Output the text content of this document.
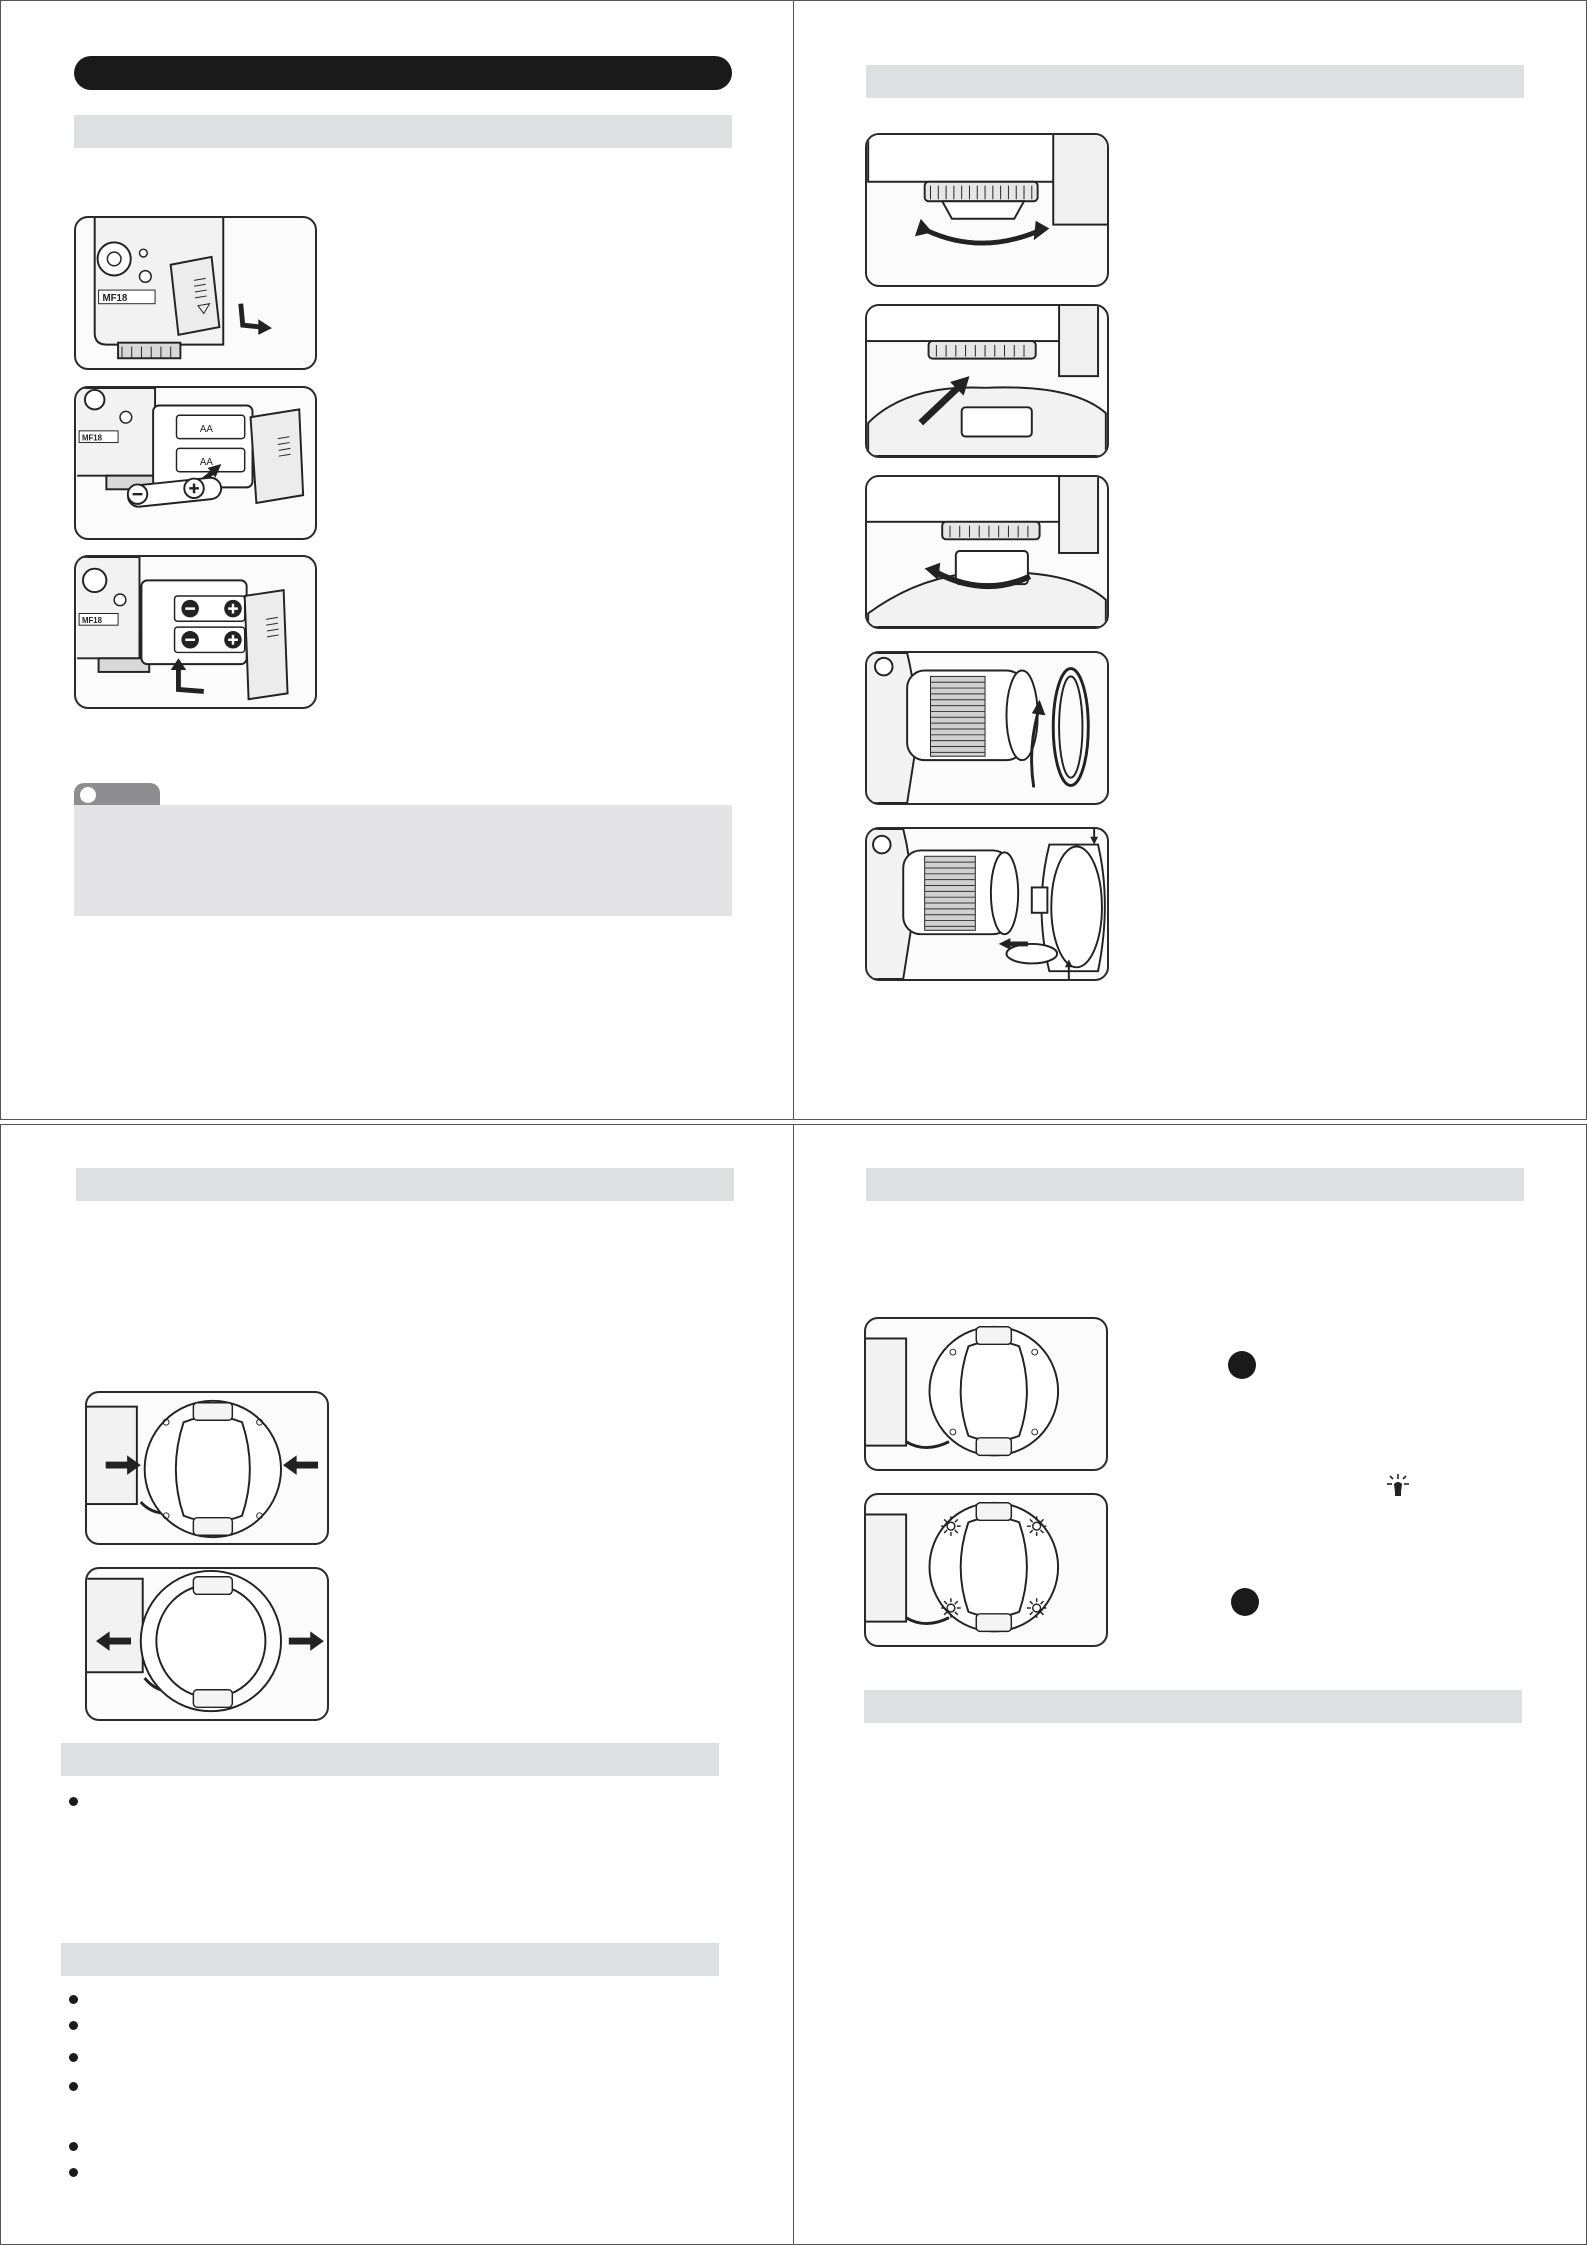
MF18
MF18
AA
AA
MF18
